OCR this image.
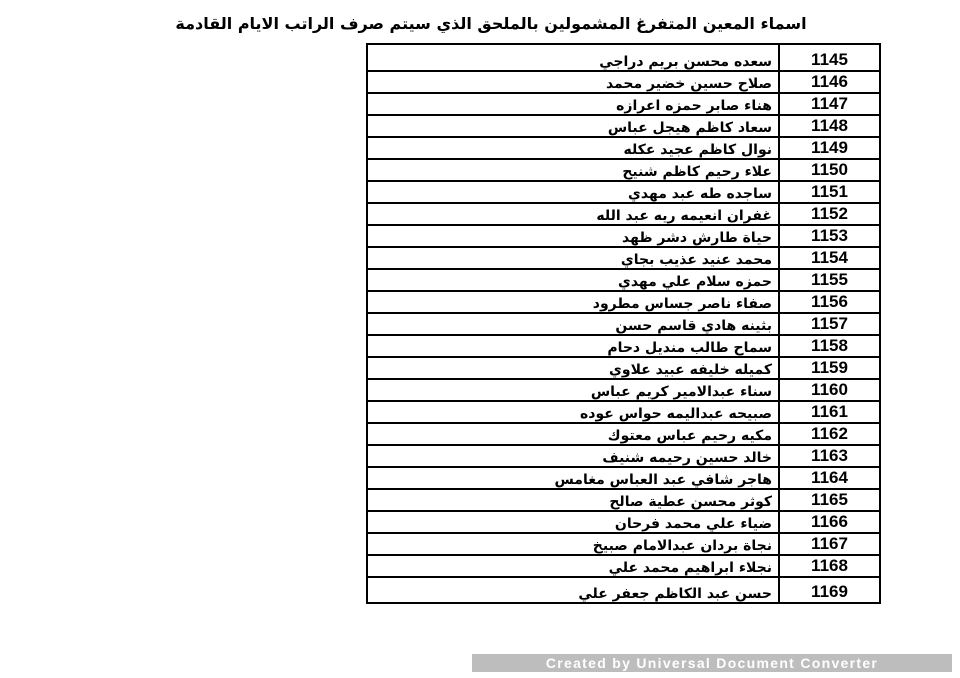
اسماء المعين المتفرغ المشمولين بالملحق الذي سيتم صرف الراتب الايام القادمة
سعده محسن بريم دراجي	1145
صلاح حسين خضير محمد	1146
هناء صابر حمزه اعرازه	1147
سعاد كاظم هيجل عباس	1148
نوال كاظم عجيد عكله	1149
علاء رحيم كاظم شنيح	1150
ساجده طه عبد مهدي	1151
غفران انعيمه ريه عبد الله	1152
حياة طارش دشر ظهد	1153
محمد عنيد عذيب بجاي	1154
حمزه سلام علي مهدي	1155
صفاء ناصر جساس مطرود	1156
بثينه هادي قاسم حسن	1157
سماح طالب منديل دحام	1158
كميله خليفه عبيد علاوي	1159
سناء عبدالامير كريم عباس	1160
صبيحه عبداليمه حواس عوده	1161
مكيه رحيم عباس معتوك	1162
خالد حسين رحيمه شنيف	1163
هاجر شافي عبد العباس مغامس	1164
كوثر محسن عطية صالح	1165
ضياء علي محمد فرحان	1166
نجاة بردان عبدالامام صبيخ	1167
نجلاء ابراهيم محمد علي	1168
حسن عبد الكاظم جعفر علي	1169
Created by Universal Document Converter
